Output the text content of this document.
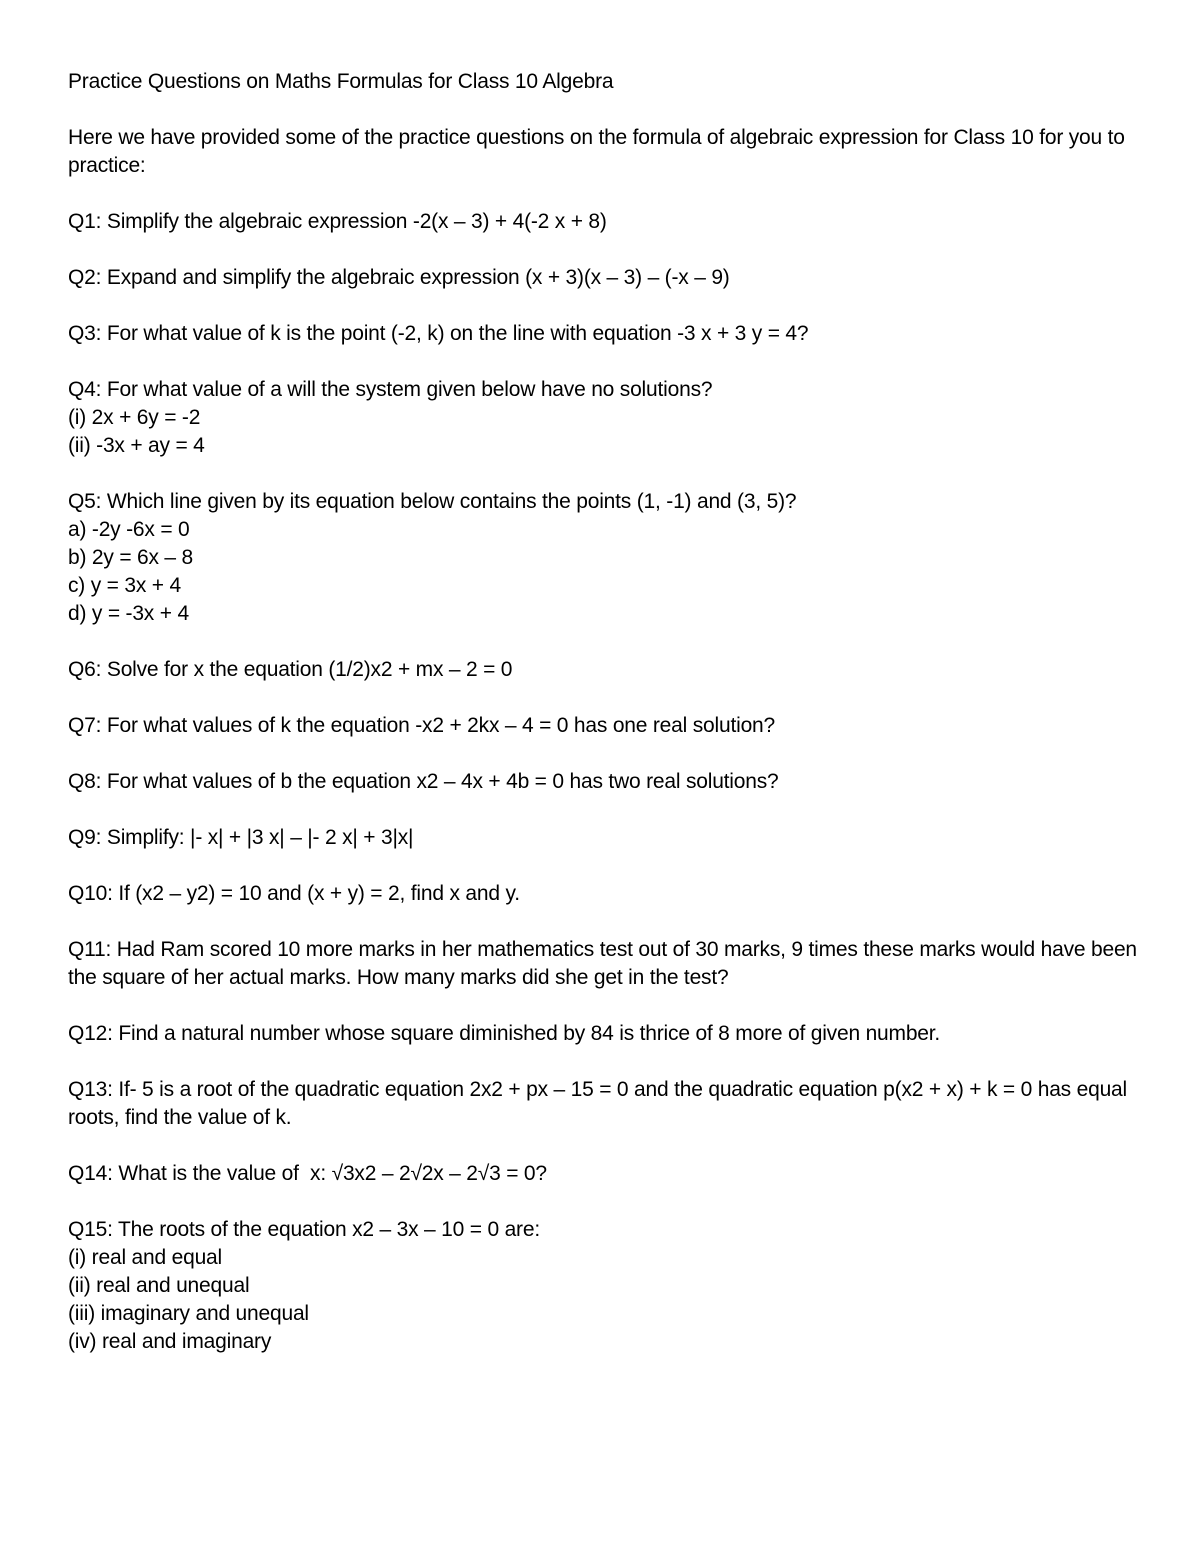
Practice Questions on Maths Formulas for Class 10 Algebra
Here we have provided some of the practice questions on the formula of algebraic expression for Class 10 for you to practice:
Q1: Simplify the algebraic expression -2(x – 3) + 4(-2 x + 8)
Q2: Expand and simplify the algebraic expression (x + 3)(x – 3) – (-x – 9)
Q3: For what value of k is the point (-2, k) on the line with equation -3 x + 3 y = 4?
Q4: For what value of a will the system given below have no solutions?
(i) 2x + 6y = -2
(ii) -3x + ay = 4
Q5: Which line given by its equation below contains the points (1, -1) and (3, 5)?
a) -2y -6x = 0
b) 2y = 6x – 8
c) y = 3x + 4
d) y = -3x + 4
Q6: Solve for x the equation (1/2)x2 + mx – 2 = 0
Q7: For what values of k the equation -x2 + 2kx – 4 = 0 has one real solution?
Q8: For what values of b the equation x2 – 4x + 4b = 0 has two real solutions?
Q9: Simplify: |- x| + |3 x| – |- 2 x| + 3|x|
Q10: If (x2 – y2) = 10 and (x + y) = 2, find x and y.
Q11: Had Ram scored 10 more marks in her mathematics test out of 30 marks, 9 times these marks would have been the square of her actual marks. How many marks did she get in the test?
Q12: Find a natural number whose square diminished by 84 is thrice of 8 more of given number.
Q13: If- 5 is a root of the quadratic equation 2x2 + px – 15 = 0 and the quadratic equation p(x2 + x) + k = 0 has equal roots, find the value of k.
Q14: What is the value of  x: √3x2 – 2√2x – 2√3 = 0?
Q15: The roots of the equation x2 – 3x – 10 = 0 are:
(i) real and equal
(ii) real and unequal
(iii) imaginary and unequal
(iv) real and imaginary
